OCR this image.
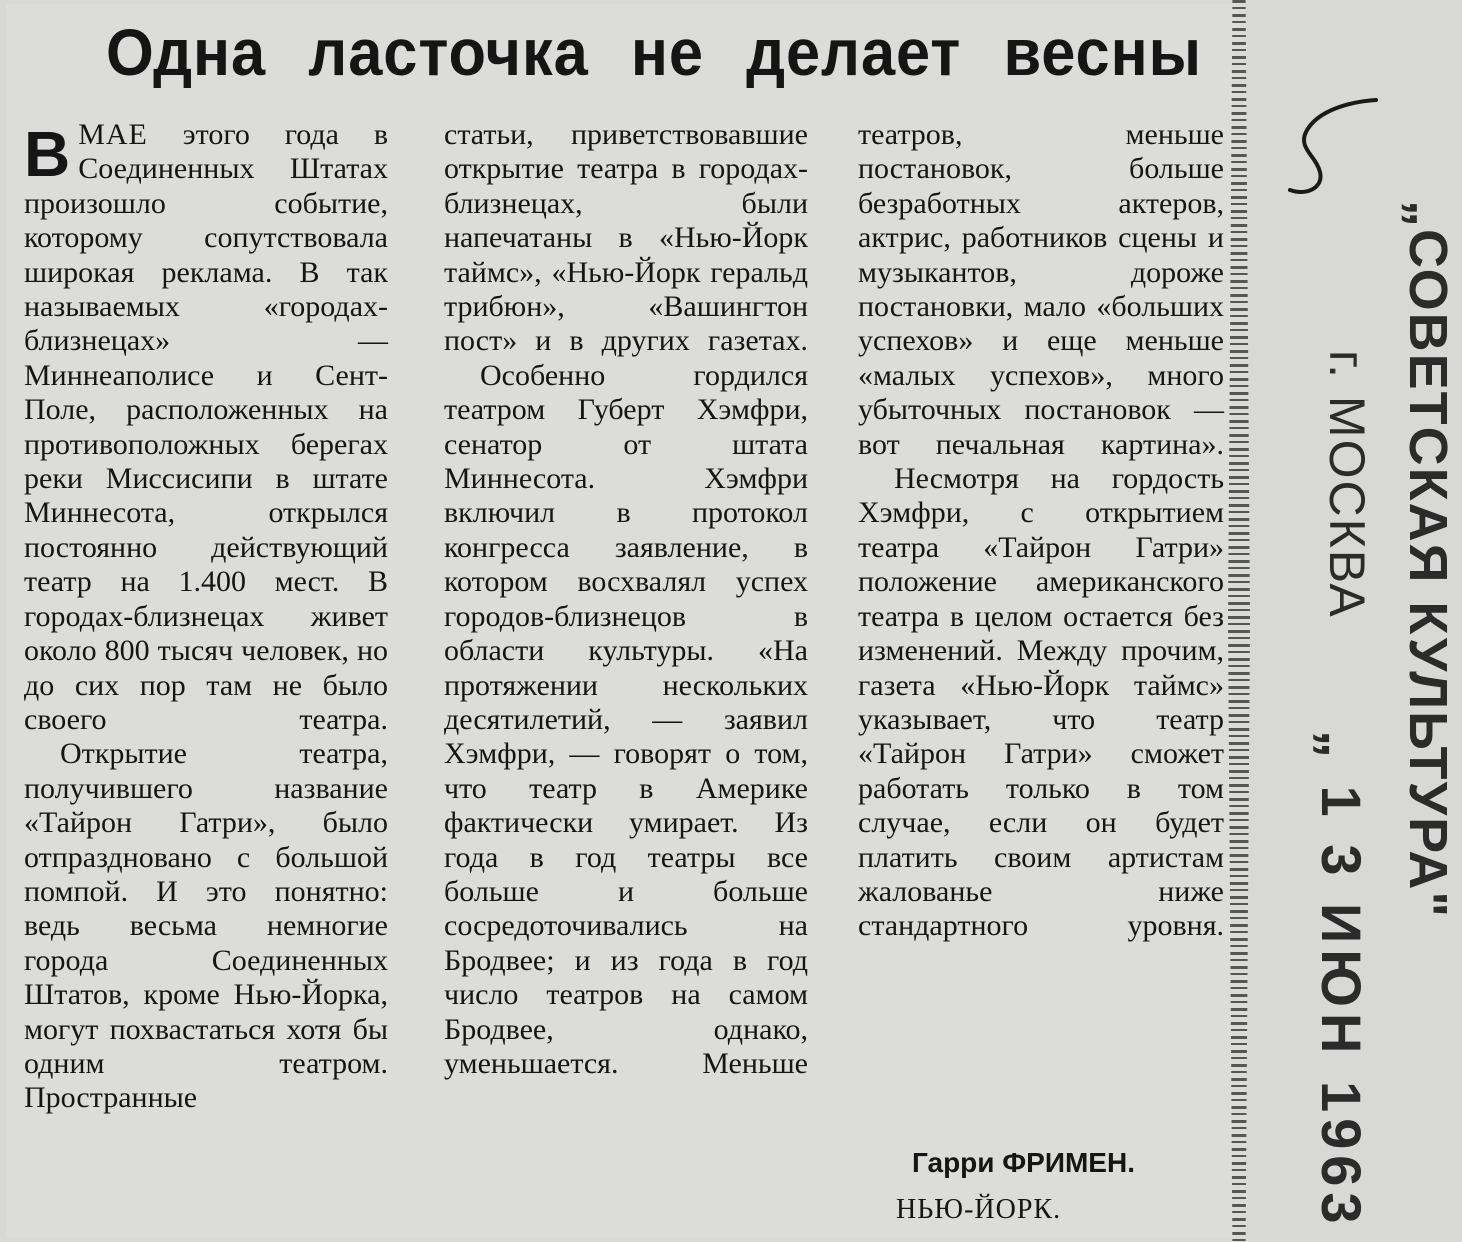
Одна ласточка не делает весны

ВМАЕ этого года в Соединенных Штатах произошло событие, которому сопутствовала широкая реклама. В так называемых «городах-близнецах» — Миннеаполисе и Сент-Поле, расположенных на противоположных берегах реки Миссисипи в штате Миннесота, открылся постоянно действующий театр на 1.400 мест. В городах-близнецах живет около 800 тысяч человек, но до сих пор там не было своего театра.

Открытие театра, получившего название «Тайрон Гатри», было отпраздновано с большой помпой. И это понятно: ведь весьма немногие города Соединенных Штатов, кроме Нью-Йорка, могут похвастаться хотя бы одним театром. Пространные

статьи, приветствовавшие открытие театра в городах-близнецах, были напечатаны в «Нью-Йорк таймс», «Нью-Йорк геральд трибюн», «Вашингтон пост» и в других газетах.

Особенно гордился театром Губерт Хэмфри, сенатор от штата Миннесота. Хэмфри включил в протокол конгресса заявление, в котором восхвалял успех городов-близнецов в области культуры. «На протяжении нескольких десятилетий, — заявил Хэмфри, — говорят о том, что театр в Америке фактически умирает. Из года в год театры все больше и больше сосредоточивались на Бродвее; и из года в год число театров на самом Бродвее, однако, уменьшается. Меньше

театров, меньше постановок, больше безработных актеров, актрис, работников сцены и музыкантов, дороже постановки, мало «больших успехов» и еще меньше «малых успехов», много убыточных постановок — вот печальная картина».

Несмотря на гордость Хэмфри, с открытием театра «Тайрон Гатри» положение американского театра в целом остается без изменений. Между прочим, газета «Нью-Йорк таймс» указывает, что театр «Тайрон Гатри» сможет работать только в том случае, если он будет платить своим артистам жалованье ниже стандартного уровня.

Гарри ФРИМЕН.
НЬЮ-ЙОРК.
„СОВЕТСКАЯ КУЛЬТУРА"
г. МОСКВА
„ 1 3 ИЮН 1963
